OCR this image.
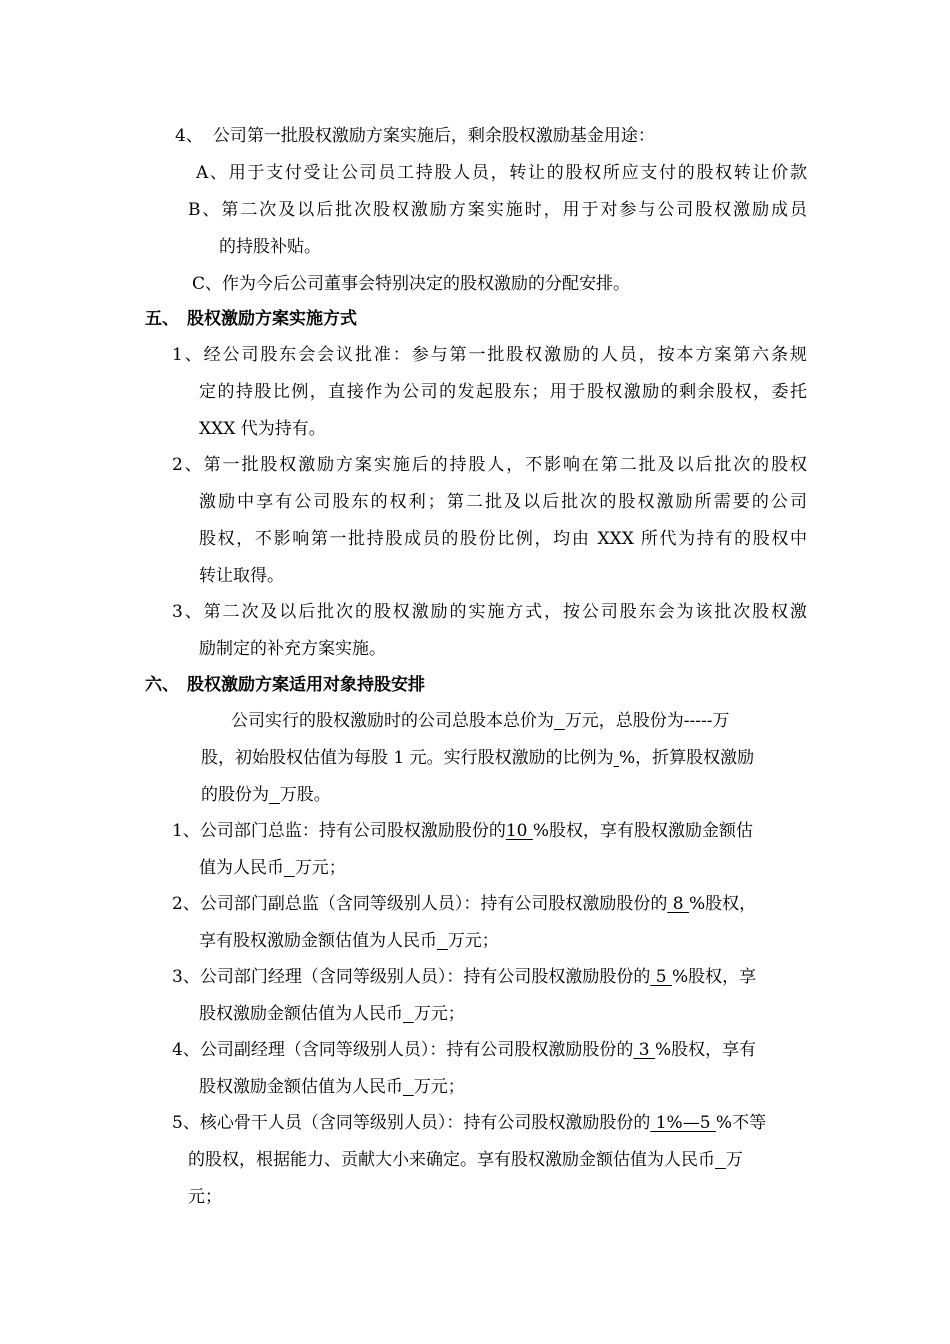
4、 公司第一批股权激励方案实施后，剩余股权激励基金用途：
A、用于支付受让公司员工持股人员，转让的股权所应支付的股权转让价款
B、第二次及以后批次股权激励方案实施时，用于对参与公司股权激励成员
的持股补贴。
C、作为今后公司董事会特别决定的股权激励的分配安排。
五、 股权激励方案实施方式
1、经公司股东会会议批准：参与第一批股权激励的人员，按本方案第六条规
定的持股比例，直接作为公司的发起股东；用于股权激励的剩余股权，委托
XXX 代为持有。
2、第一批股权激励方案实施后的持股人，不影响在第二批及以后批次的股权
激励中享有公司股东的权利；第二批及以后批次的股权激励所需要的公司
股权，不影响第一批持股成员的股份比例，均由 XXX 所代为持有的股权中
转让取得。
3、第二次及以后批次的股权激励的实施方式，按公司股东会为该批次股权激
励制定的补充方案实施。
六、 股权激励方案适用对象持股安排
公司实行的股权激励时的公司总股本总价为 万元，总股份为-----万
股，初始股权估值为每股 1 元。实行股权激励的比例为 %，折算股权激励
的股份为 万股。
1、公司部门总监：持有公司股权激励股份的10 %股权，享有股权激励金额估
值为人民币 万元；
2、公司部门副总监（含同等级别人员）：持有公司股权激励股份的 8 %股权，
享有股权激励金额估值为人民币 万元；
3、公司部门经理（含同等级别人员）：持有公司股权激励股份的 5 %股权，享
股权激励金额估值为人民币 万元；
4、公司副经理（含同等级别人员）：持有公司股权激励股份的 3 %股权，享有
股权激励金额估值为人民币 万元；
5、核心骨干人员（含同等级别人员）：持有公司股权激励股份的 1%—5 %不等
的股权，根据能力、贡献大小来确定。享有股权激励金额估值为人民币 万
元；
